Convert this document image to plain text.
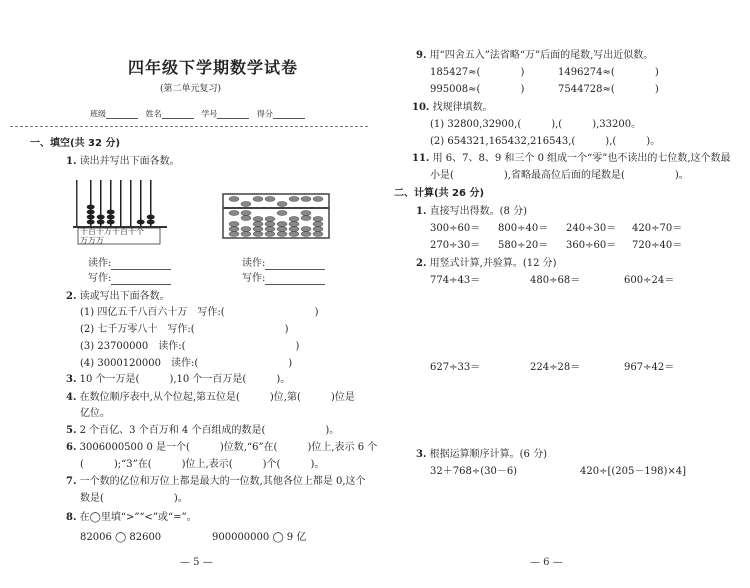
四年级下学期数学试卷
(第二单元复习)
班级	姓名	学号	得分
一、填空(共 32 分)
1. 读出并写出下面各数。
千百十万千百十个
万万万
读作:
写作:
读作:
写作:
2. 读或写出下面各数。
(1) 四亿五千八百六十万　写作:(	)
(2) 七千万零八十　写作:(	)
(3) 23700000　读作:(	)
(4) 3000120000　读作:(	)
3. 10 个一万是(　　　),10 个一百万是(　　　)。
4. 在数位顺序表中,从个位起,第五位是(　　　)位,第(　　　)位是
亿位。
5. 2 个百亿、3 个百万和 4 个百组成的数是(　　　　　　)。
6. 3006000500 0 是一个(　　　)位数,“6”在(　　　)位上,表示 6 个
(　　　);“3”在(　　　)位上,表示(　　　)个(　　　)。
7. 一个数的亿位和万位上都是最大的一位数,其他各位上都是 0,这个
数是(　　　　　　　)。
8. 在◯里填“>”“<”或“=”。
82006 ◯ 82600	900000000 ◯ 9 亿
— 5 —
9. 用“四舍五入”法省略“万”后面的尾数,写出近似数。
185427≈(　　　　)	1496274≈(　　　　)
995008≈(　　　　)	7544728≈(　　　　)
10. 找规律填数。
(1) 32800,32900,(　　　),(　　　),33200。
(2) 654321,165432,216543,(　　　),(　　　)。
11. 用 6、7、8、9 和三个 0 组成一个“零”也不读出的七位数,这个数最
小是(　　　　　),省略最高位后面的尾数是(　　　　　)。
二、计算(共 26 分)
1. 直接写出得数。(8 分)
300÷60＝ 800÷40＝ 240÷30＝ 420÷70＝
270÷30＝ 580÷20＝ 360÷60＝ 720÷40＝
2. 用竖式计算,并验算。(12 分)
774÷43＝	480÷68＝	600÷24＝
627÷33＝	224÷28＝	967÷42＝
3. 根据运算顺序计算。(6 分)
32＋768÷(30－6)	420÷[(205－198)×4]
— 6 —
